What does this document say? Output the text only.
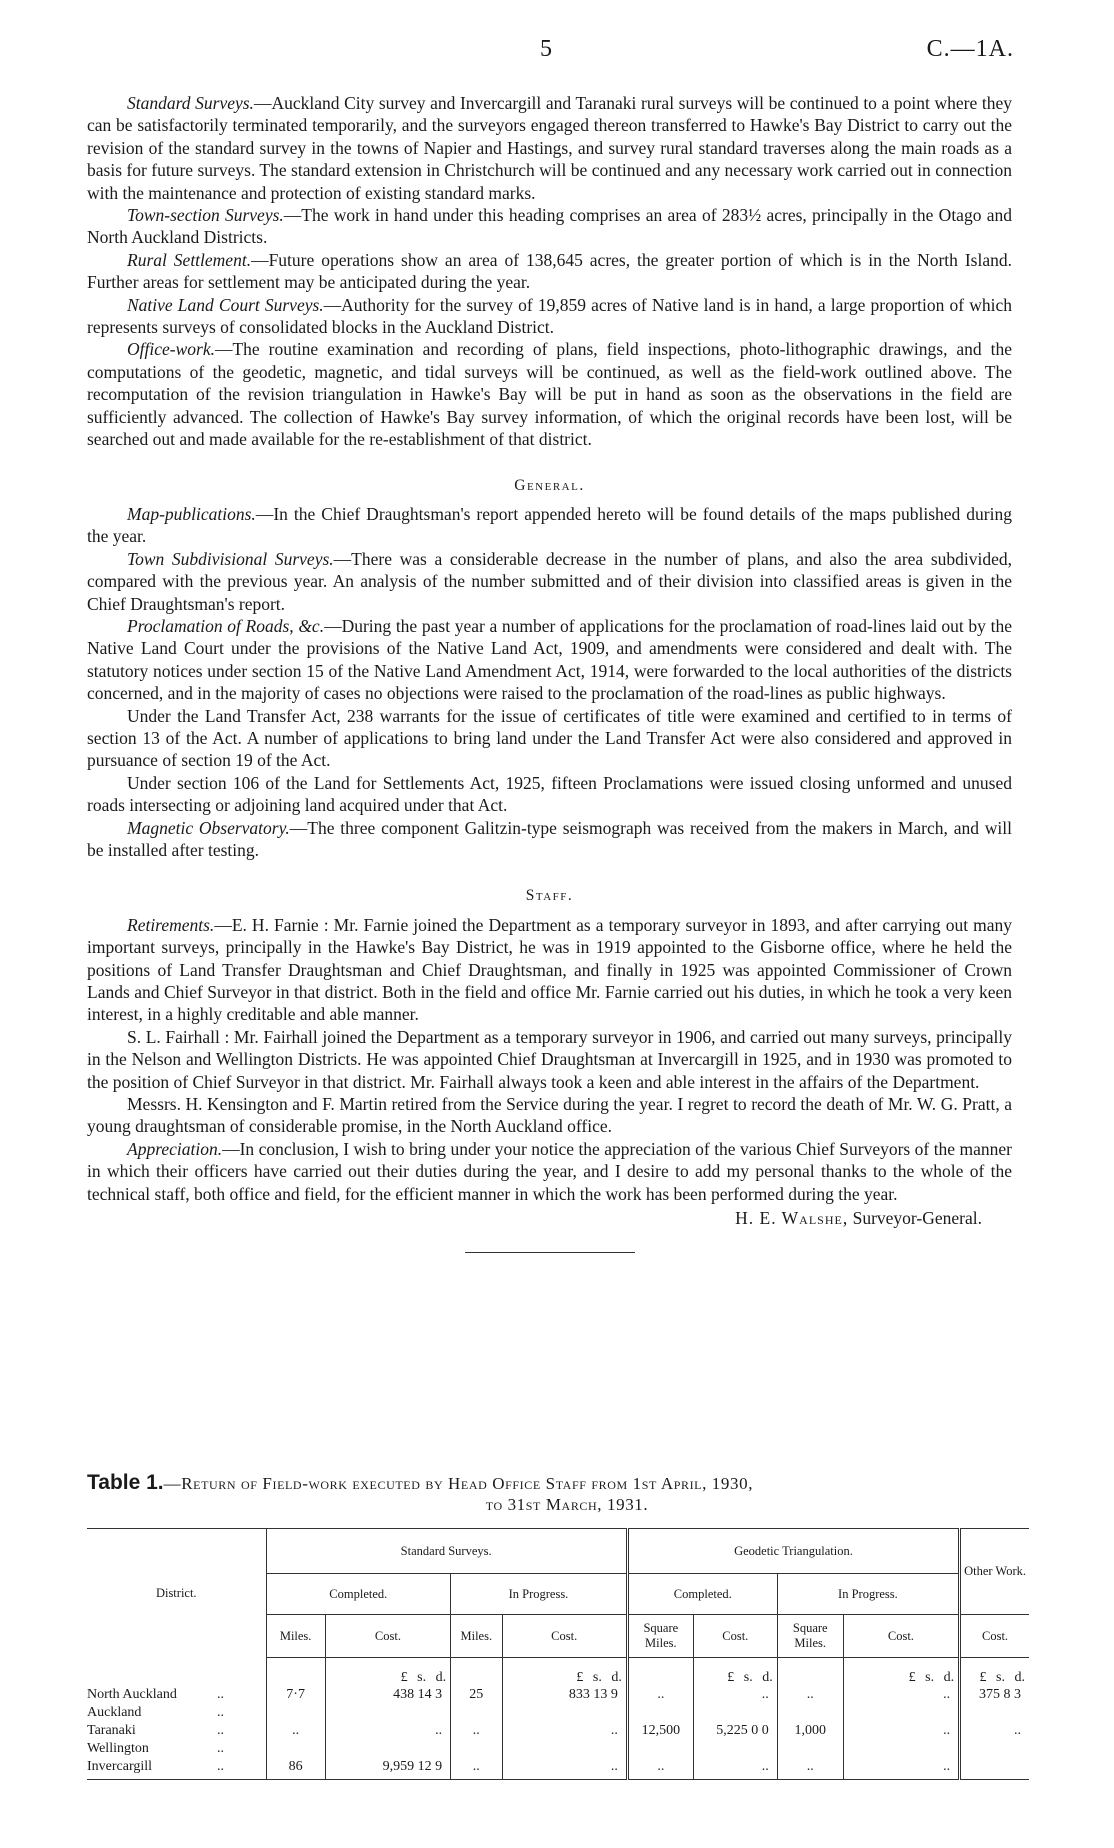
5	C.—1A.

Standard Surveys.—Auckland City survey and Invercargill and Taranaki rural surveys will be continued to a point where they can be satisfactorily terminated temporarily, and the surveyors engaged thereon transferred to Hawke's Bay District to carry out the revision of the standard survey in the towns of Napier and Hastings, and survey rural standard traverses along the main roads as a basis for future surveys. The standard extension in Christchurch will be continued and any necessary work carried out in connection with the maintenance and protection of existing standard marks.

Town-section Surveys.—The work in hand under this heading comprises an area of 283½ acres, principally in the Otago and North Auckland Districts.

Rural Settlement.—Future operations show an area of 138,645 acres, the greater portion of which is in the North Island. Further areas for settlement may be anticipated during the year.

Native Land Court Surveys.—Authority for the survey of 19,859 acres of Native land is in hand, a large proportion of which represents surveys of consolidated blocks in the Auckland District.

Office-work.—The routine examination and recording of plans, field inspections, photo-lithographic drawings, and the computations of the geodetic, magnetic, and tidal surveys will be continued, as well as the field-work outlined above. The recomputation of the revision triangulation in Hawke's Bay will be put in hand as soon as the observations in the field are sufficiently advanced. The collection of Hawke's Bay survey information, of which the original records have been lost, will be searched out and made available for the re-establishment of that district.

General.

Map-publications.—In the Chief Draughtsman's report appended hereto will be found details of the maps published during the year.

Town Subdivisional Surveys.—There was a considerable decrease in the number of plans, and also the area subdivided, compared with the previous year. An analysis of the number submitted and of their division into classified areas is given in the Chief Draughtsman's report.

Proclamation of Roads, &c.—During the past year a number of applications for the proclamation of road-lines laid out by the Native Land Court under the provisions of the Native Land Act, 1909, and amendments were considered and dealt with. The statutory notices under section 15 of the Native Land Amendment Act, 1914, were forwarded to the local authorities of the districts concerned, and in the majority of cases no objections were raised to the proclamation of the road-lines as public highways.

Under the Land Transfer Act, 238 warrants for the issue of certificates of title were examined and certified to in terms of section 13 of the Act. A number of applications to bring land under the Land Transfer Act were also considered and approved in pursuance of section 19 of the Act.

Under section 106 of the Land for Settlements Act, 1925, fifteen Proclamations were issued closing unformed and unused roads intersecting or adjoining land acquired under that Act.

Magnetic Observatory.—The three component Galitzin-type seismograph was received from the makers in March, and will be installed after testing.

Staff.

Retirements.—E. H. Farnie : Mr. Farnie joined the Department as a temporary surveyor in 1893, and after carrying out many important surveys, principally in the Hawke's Bay District, he was in 1919 appointed to the Gisborne office, where he held the positions of Land Transfer Draughtsman and Chief Draughtsman, and finally in 1925 was appointed Commissioner of Crown Lands and Chief Surveyor in that district. Both in the field and office Mr. Farnie carried out his duties, in which he took a very keen interest, in a highly creditable and able manner.

S. L. Fairhall : Mr. Fairhall joined the Department as a temporary surveyor in 1906, and carried out many surveys, principally in the Nelson and Wellington Districts. He was appointed Chief Draughtsman at Invercargill in 1925, and in 1930 was promoted to the position of Chief Surveyor in that district. Mr. Fairhall always took a keen and able interest in the affairs of the Department.

Messrs. H. Kensington and F. Martin retired from the Service during the year. I regret to record the death of Mr. W. G. Pratt, a young draughtsman of considerable promise, in the North Auckland office.

Appreciation.—In conclusion, I wish to bring under your notice the appreciation of the various Chief Surveyors of the manner in which their officers have carried out their duties during the year, and I desire to add my personal thanks to the whole of the technical staff, both office and field, for the efficient manner in which the work has been performed during the year.

H. E. Walshe, Surveyor-General.
Table 1.—Return of Field-work executed by Head Office Staff from 1st April, 1930,
to 31st March, 1931.
District.	Standard Surveys.				Geodetic Triangulation.				Other Work.
	Completed.		In Progress.		Completed.		In Progress.		
	Miles.	Cost.	Miles.	Cost.	Square Miles.	Cost.	Square Miles.	Cost.	Cost.
		£ s. d.		£ s. d.		£ s. d.		£ s. d.	£ s. d.
North Auckland ..	7·7	438 14 3	25	833 13 9	..	..	..	..	375 8 3
Auckland ..									
Taranaki ..	..	..	..	..	12,500	5,225 0 0	1,000	..	..
Wellington ..									
Invercargill ..	86	9,959 12 9	..	..	..	..	..	..	
